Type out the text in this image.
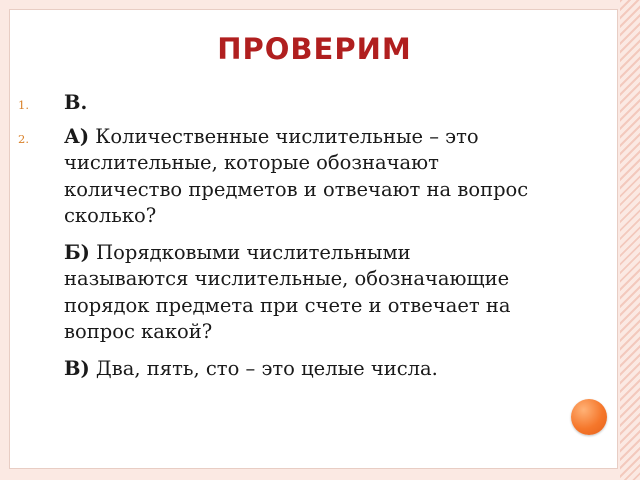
ПРОВЕРИМ
1. В.
2. А) Количественные числительные – это числительные, которые обозначают количество предметов и отвечают на вопрос сколько?
Б) Порядковыми числительными называются числительные, обозначающие порядок предмета при счете и отвечает на вопрос какой?
В) Два, пять, сто – это целые числа.
